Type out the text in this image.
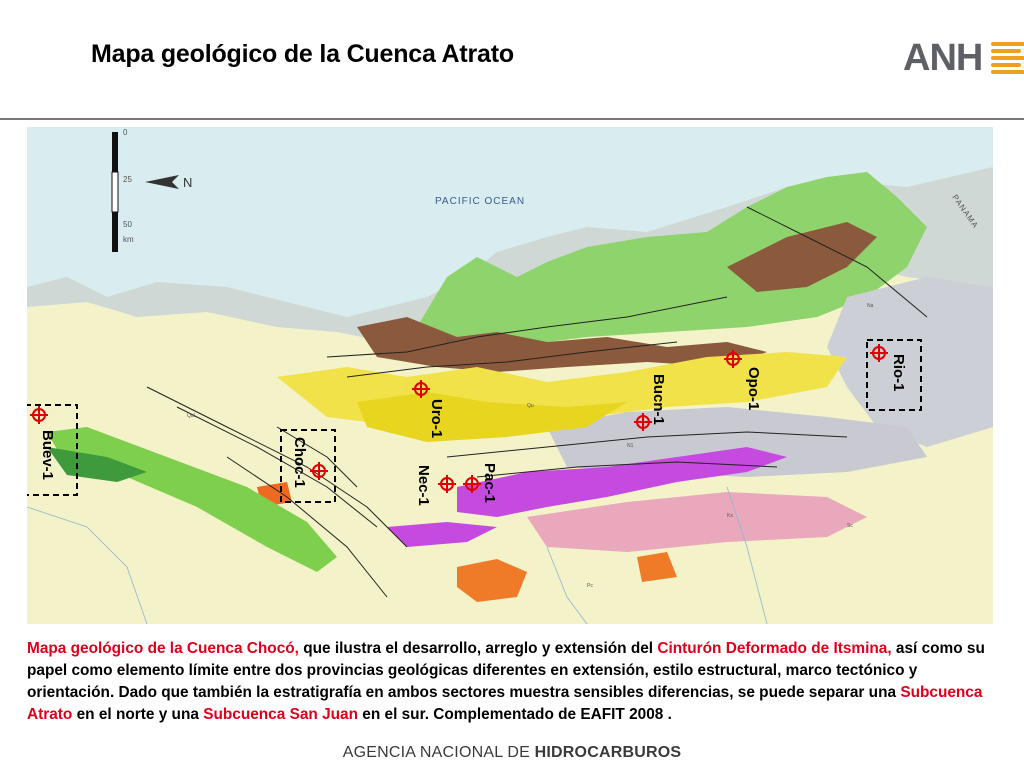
Mapa geológico de la Cuenca Atrato	ANH
0
25
50
km
N
PACIFIC OCEAN	PANAMA
Qal
Na
N1
Pp
Ks
Pc
Sc
Qu
Buev-1	Choc-1
Uro-1
Nec-1	Pac-1
Bucn-1	Opo-1	Rio-1
Mapa geológico de la Cuenca Chocó, que ilustra el desarrollo, arreglo y extensión del Cinturón Deformado de Itsmina, así como su papel como elemento límite entre dos provincias geológicas diferentes en extensión, estilo estructural, marco tectónico y orientación. Dado que también la estratigrafía en ambos sectores muestra sensibles diferencias, se puede separar una Subcuenca Atrato en el norte y una Subcuenca San Juan en el sur. Complementado de EAFIT 2008 .
AGENCIA NACIONAL DE HIDROCARBUROS
